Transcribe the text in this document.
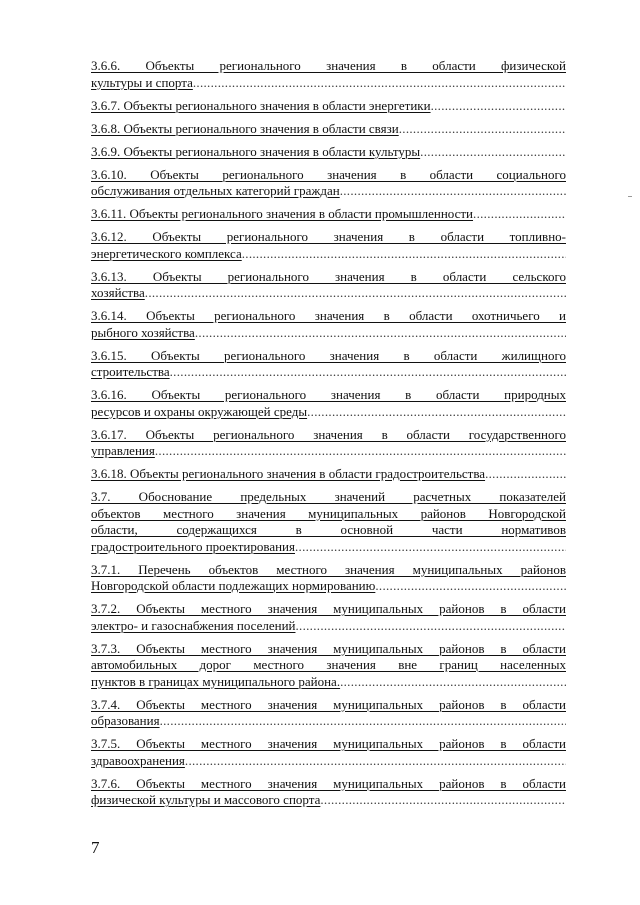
3.6.6. Объекты регионального значения в области физической
культуры и спорта
.....
3.6.7. Объекты регионального значения в области энергетики
.....
3.6.8. Объекты регионального значения в области связи
.....
3.6.9. Объекты регионального значения в области культуры
.....
3.6.10. Объекты регионального значения в области социального
обслуживания отдельных категорий граждан
.....
3.6.11. Объекты регионального значения в области промышленности
.....
3.6.12. Объекты регионального значения в области топливно-
энергетического комплекса
.....
3.6.13. Объекты регионального значения в области сельского
хозяйства
.....
3.6.14. Объекты регионального значения в области охотничьего и
рыбного хозяйства
.....
3.6.15. Объекты регионального значения в области жилищного
строительства
.....
3.6.16. Объекты регионального значения в области природных
ресурсов и охраны окружающей среды
.....
3.6.17. Объекты регионального значения в области государственного
управления
.....
3.6.18. Объекты регионального значения в области градостроительства
.....
3.7. Обоснование предельных значений расчетных показателей
объектов местного значения муниципальных районов Новгородской
области, содержащихся в основной части нормативов
градостроительного проектирования
.....
3.7.1. Перечень объектов местного значения муниципальных районов
Новгородской области подлежащих нормированию
.....
3.7.2. Объекты местного значения муниципальных районов в области
электро- и газоснабжения поселений
.....
3.7.3. Объекты местного значения муниципальных районов в области
автомобильных дорог местного значения вне границ населенных
пунктов в границах муниципального района.
.....
3.7.4. Объекты местного значения муниципальных районов в области
образования
.....
3.7.5. Объекты местного значения муниципальных районов в области
здравоохранения
.....
3.7.6. Объекты местного значения муниципальных районов в области
физической культуры и массового спорта
.....
7
